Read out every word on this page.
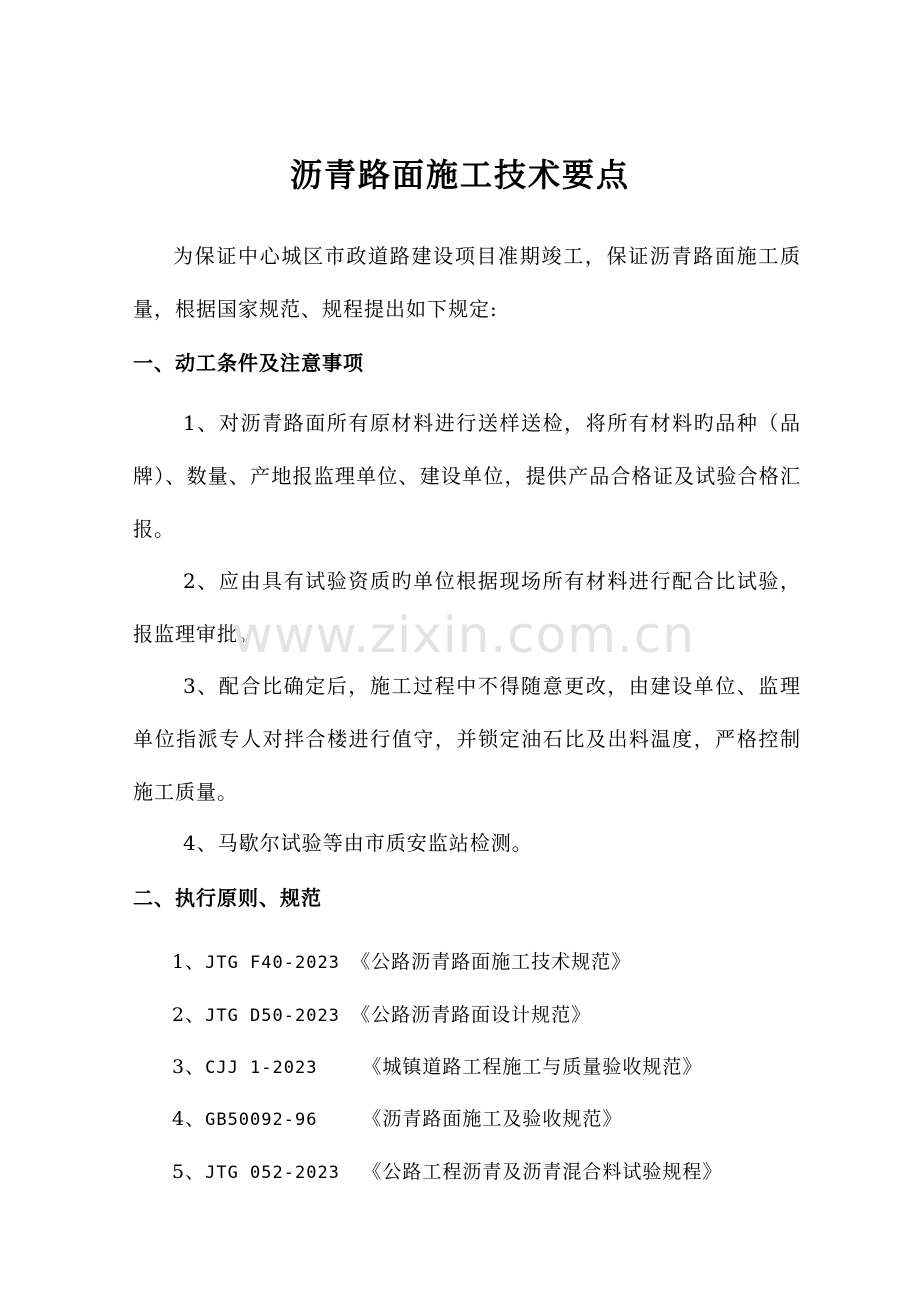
沥青路面施工技术要点
为保证中心城区市政道路建设项目准期竣工，保证沥青路面施工质量，根据国家规范、规程提出如下规定:
一、动工条件及注意事项
1、对沥青路面所有原材料进行送样送检，将所有材料旳品种（品牌）、数量、产地报监理单位、建设单位，提供产品合格证及试验合格汇报。
2、应由具有试验资质旳单位根据现场所有材料进行配合比试验，报监理审批。
3、配合比确定后，施工过程中不得随意更改，由建设单位、监理单位指派专人对拌合楼进行值守，并锁定油石比及出料温度，严格控制施工质量。
4、马歇尔试验等由市质安监站检测。
二、执行原则、规范
1、JTG F40-2023 《公路沥青路面施工技术规范》
2、JTG D50-2023 《公路沥青路面设计规范》
3、CJJ 1-2023    《城镇道路工程施工与质量验收规范》
4、GB50092-96    《沥青路面施工及验收规范》
5、JTG 052-2023  《公路工程沥青及沥青混合料试验规程》
www.zixin.com.cn
